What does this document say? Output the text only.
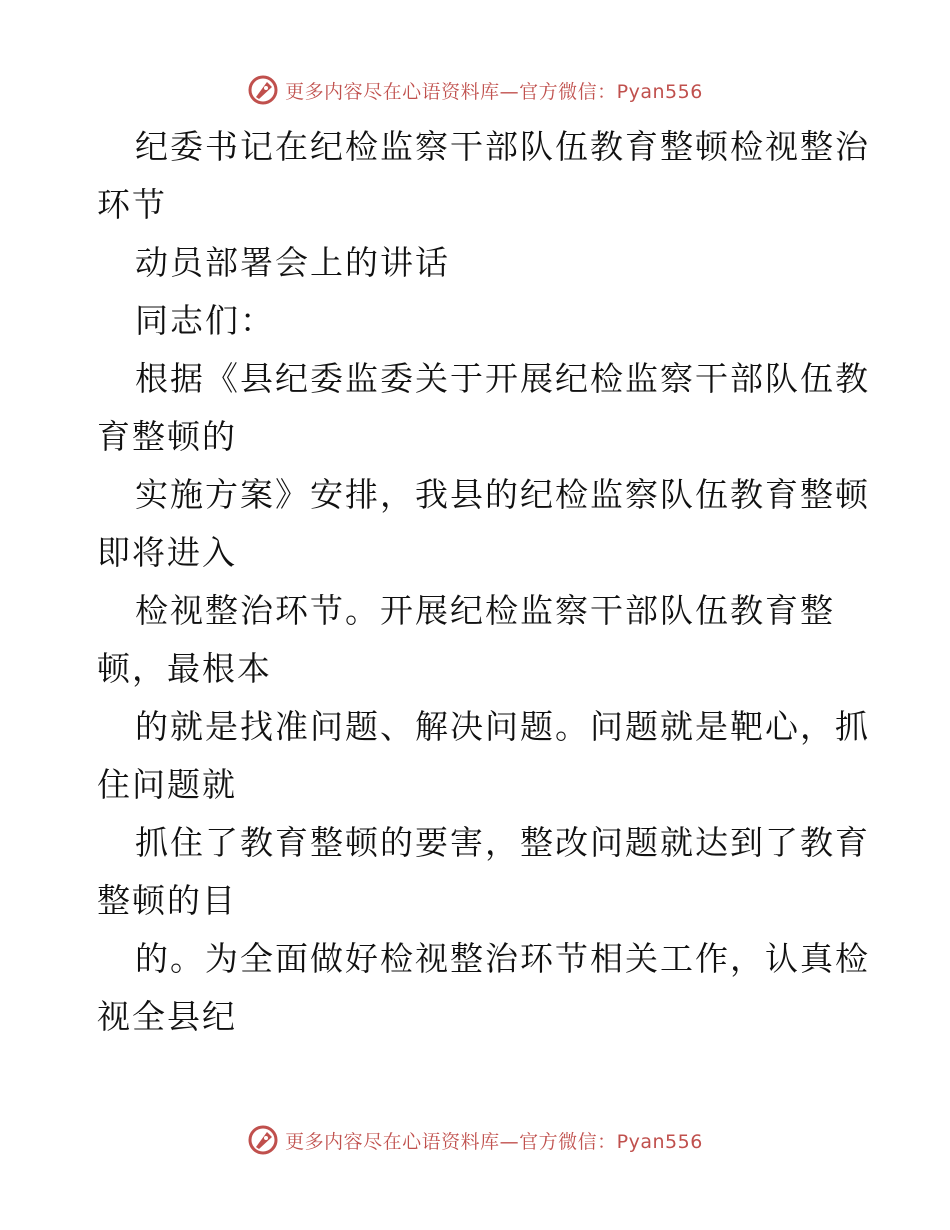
更多内容尽在心语资料库—官方微信：Pyan556
纪委书记在纪检监察干部队伍教育整顿检视整治
环节
动员部署会上的讲话
同志们：
根据《县纪委监委关于开展纪检监察干部队伍教
育整顿的
实施方案》安排，我县的纪检监察队伍教育整顿
即将进入
检视整治环节。开展纪检监察干部队伍教育整
顿，最根本
的就是找准问题、解决问题。问题就是靶心，抓
住问题就
抓住了教育整顿的要害，整改问题就达到了教育
整顿的目
的。为全面做好检视整治环节相关工作，认真检
视全县纪
更多内容尽在心语资料库—官方微信：Pyan556
